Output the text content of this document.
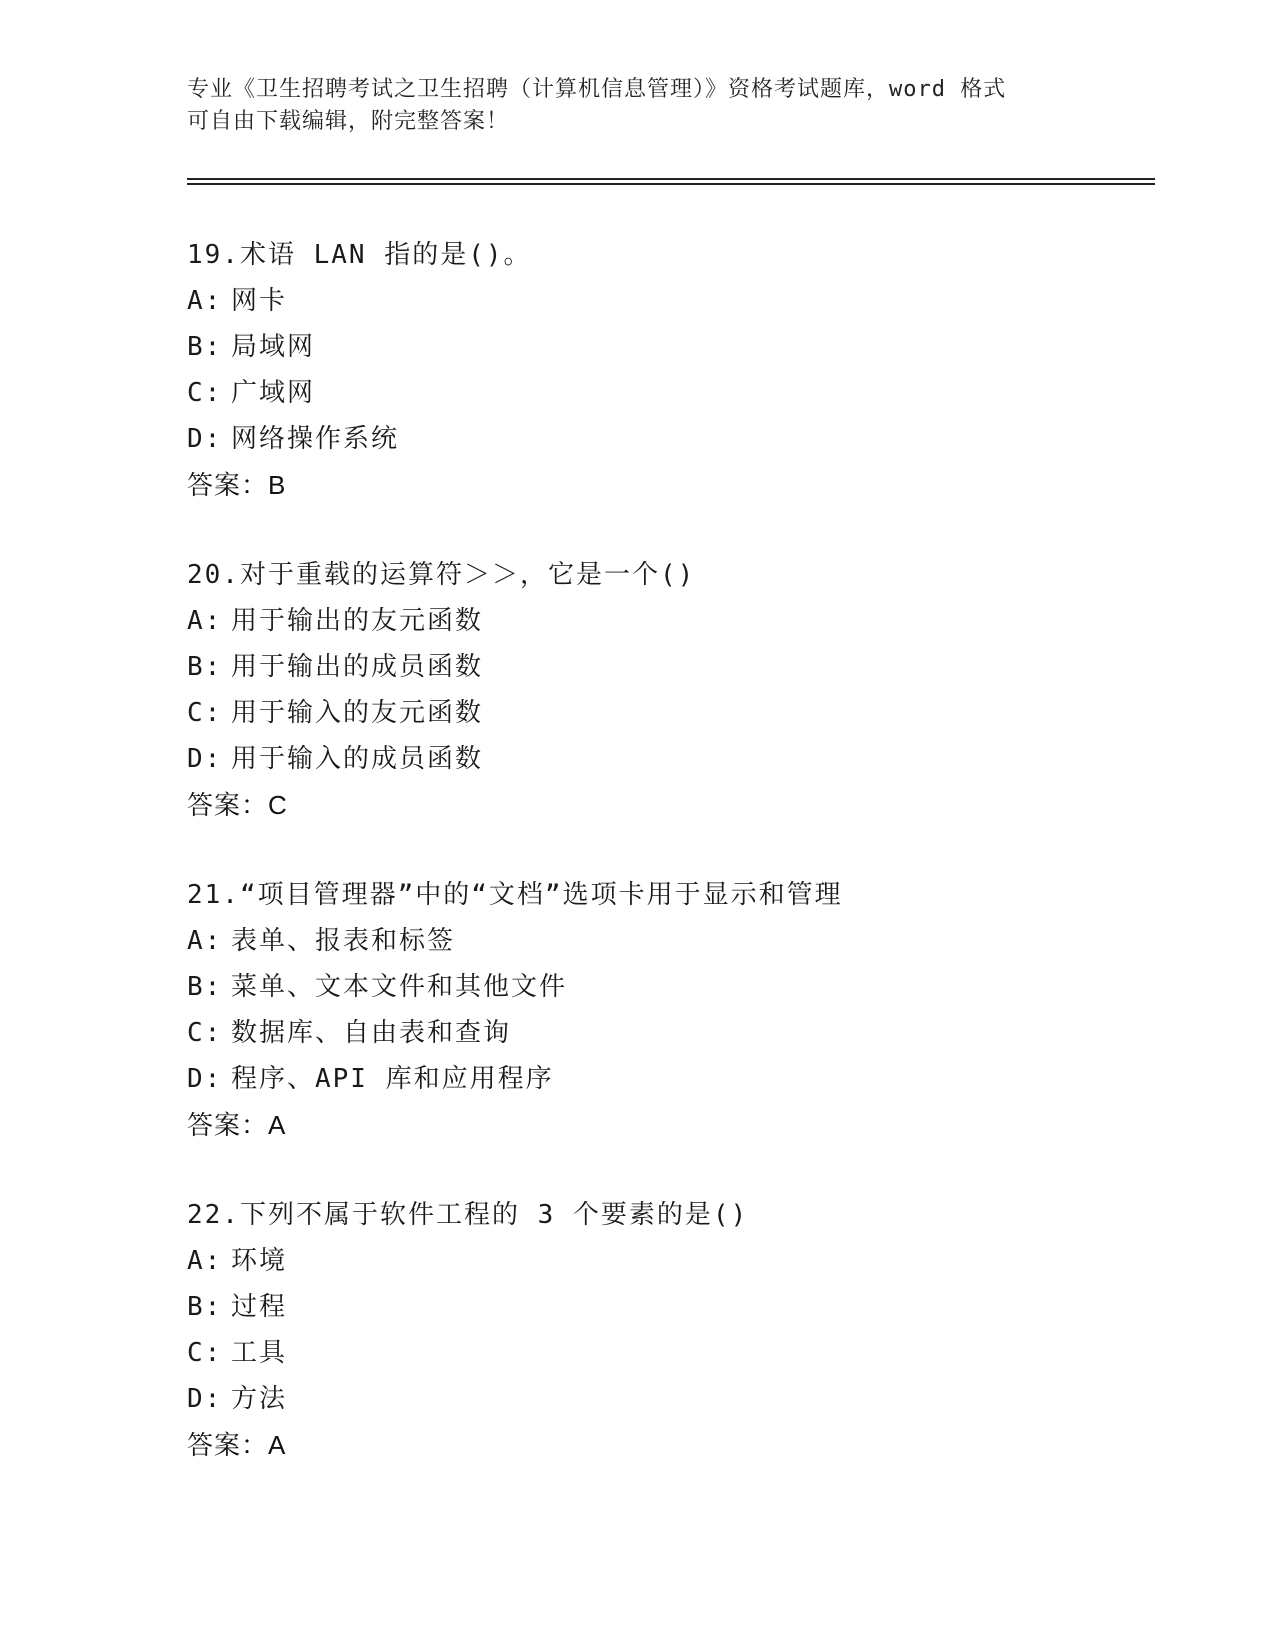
专业《卫生招聘考试之卫生招聘（计算机信息管理）》资格考试题库，word 格式
可自由下载编辑，附完整答案！
19.术语 LAN 指的是()。
A: 网卡
B: 局域网
C: 广域网
D: 网络操作系统
答案：B
20.对于重载的运算符＞＞，它是一个()
A: 用于输出的友元函数
B: 用于输出的成员函数
C: 用于输入的友元函数
D: 用于输入的成员函数
答案：C
21.“项目管理器”中的“文档”选项卡用于显示和管理
A: 表单、报表和标签
B: 菜单、文本文件和其他文件
C: 数据库、自由表和查询
D: 程序、API 库和应用程序
答案：A
22.下列不属于软件工程的 3 个要素的是()
A: 环境
B: 过程
C: 工具
D: 方法
答案：A
